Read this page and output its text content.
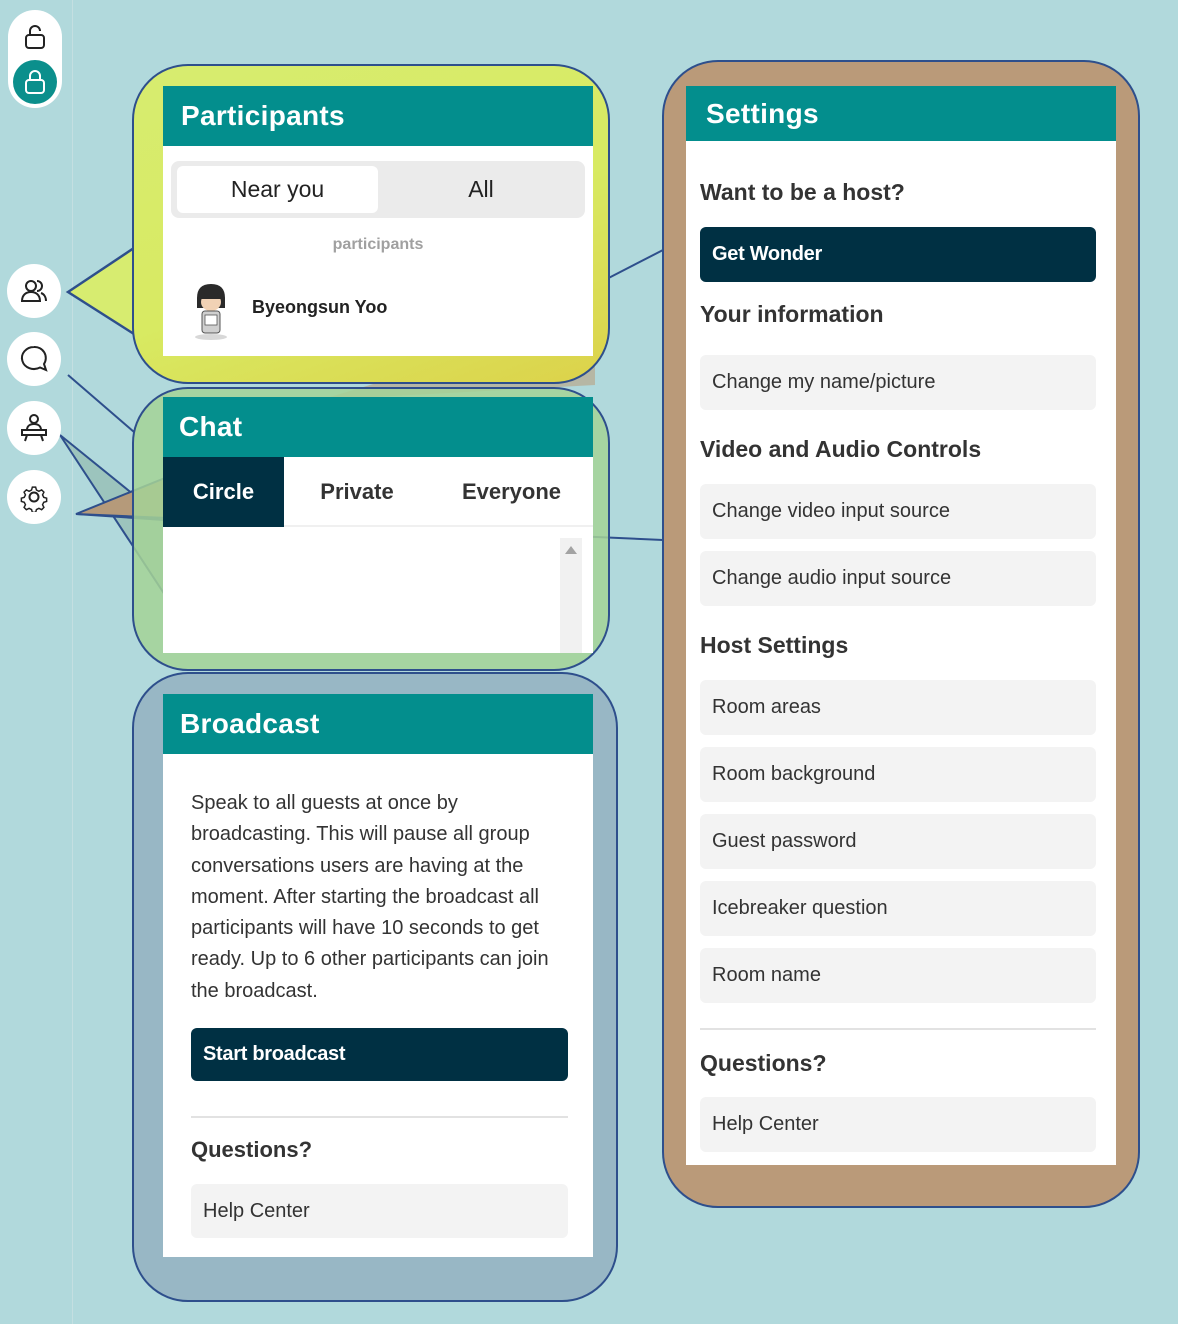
Participants
Near you	All
participants
Byeongsun Yoo
Chat
Circle	Private	Everyone
Broadcast
Speak to all guests at once by broadcasting. This will pause all group conversations users are having at the moment. After starting the broadcast all participants will have 10 seconds to get ready. Up to 6 other participants can join the broadcast.
Start broadcast
Questions?
Help Center
Settings
Want to be a host?
Get Wonder
Your information
Change my name/picture
Video and Audio Controls
Change video input source
Change audio input source
Host Settings
Room areas
Room background
Guest password
Icebreaker question
Room name
Questions?
Help Center
